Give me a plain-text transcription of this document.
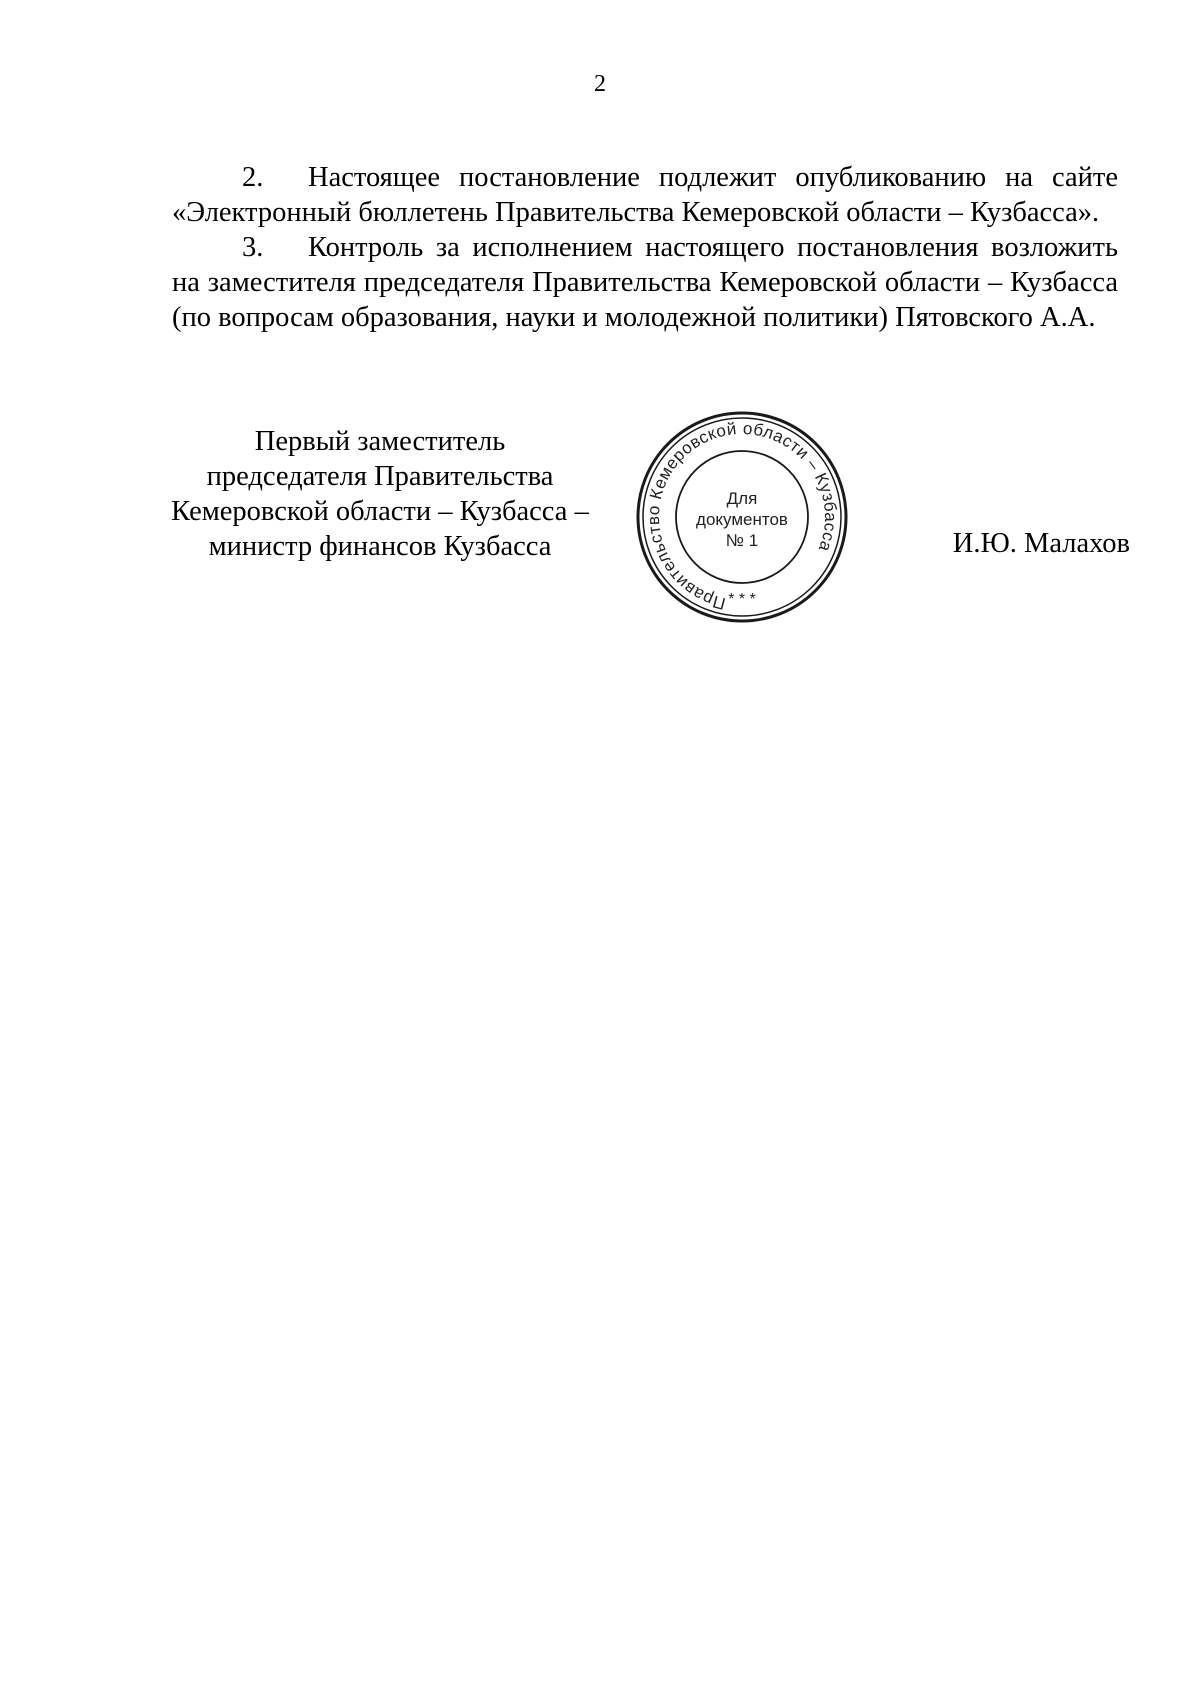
2

2. Настоящее постановление подлежит опубликованию на сайте «Электронный бюллетень Правительства Кемеровской области – Кузбасса».

3. Контроль за исполнением настоящего постановления возложить на заместителя председателя Правительства Кемеровской области – Кузбасса (по вопросам образования, науки и молодежной политики) Пятовского А.А.

Первый заместитель
председателя Правительства
Кемеровской области – Кузбасса –
министр финансов Кузбасса
Правительство Кемеровской области – Кузбасса
* * *
Для
документов
№ 1	И.Ю. Малахов
